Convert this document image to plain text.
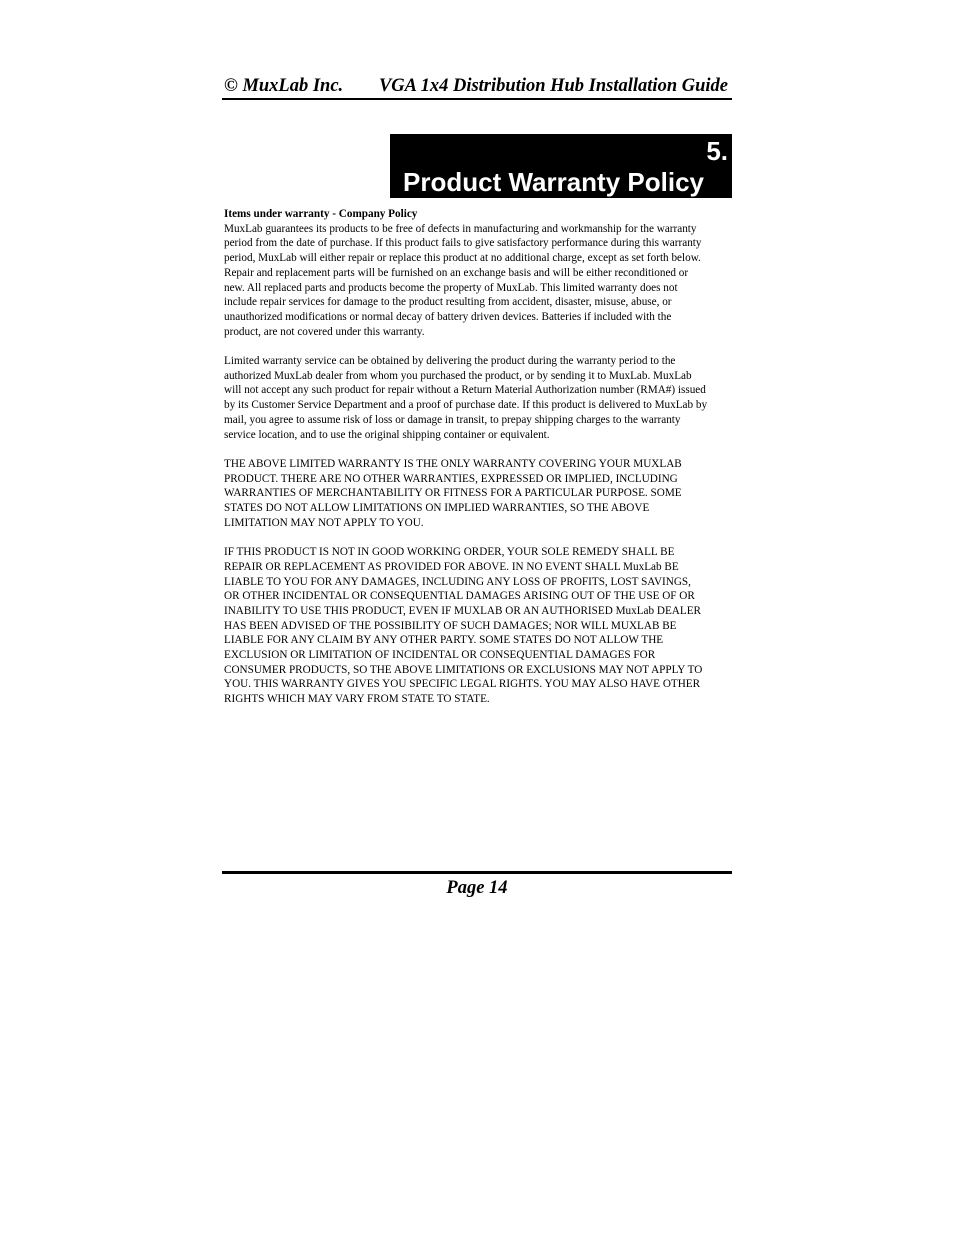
© MuxLab Inc. VGA 1x4 Distribution Hub Installation Guide
5.
Product Warranty Policy

Items under warranty - Company Policy
MuxLab guarantees its products to be free of defects in manufacturing and workmanship for the warranty period from the date of purchase. If this product fails to give satisfactory performance during this warranty period, MuxLab will either repair or replace this product at no additional charge, except as set forth below. Repair and replacement parts will be furnished on an exchange basis and will be either reconditioned or new. All replaced parts and products become the property of MuxLab. This limited warranty does not include repair services for damage to the product resulting from accident, disaster, misuse, abuse, or unauthorized modifications or normal decay of battery driven devices. Batteries if included with the product, are not covered under this warranty.

Limited warranty service can be obtained by delivering the product during the warranty period to the authorized MuxLab dealer from whom you purchased the product, or by sending it to MuxLab. MuxLab will not accept any such product for repair without a Return Material Authorization number (RMA#) issued by its Customer Service Department and a proof of purchase date. If this product is delivered to MuxLab by mail, you agree to assume risk of loss or damage in transit, to prepay shipping charges to the warranty service location, and to use the original shipping container or equivalent.

THE ABOVE LIMITED WARRANTY IS THE ONLY WARRANTY COVERING YOUR MUXLAB PRODUCT. THERE ARE NO OTHER WARRANTIES, EXPRESSED OR IMPLIED, INCLUDING WARRANTIES OF MERCHANTABILITY OR FITNESS FOR A PARTICULAR PURPOSE. SOME STATES DO NOT ALLOW LIMITATIONS ON IMPLIED WARRANTIES, SO THE ABOVE LIMITATION MAY NOT APPLY TO YOU.

IF THIS PRODUCT IS NOT IN GOOD WORKING ORDER, YOUR SOLE REMEDY SHALL BE REPAIR OR REPLACEMENT AS PROVIDED FOR ABOVE. IN NO EVENT SHALL MuxLab BE LIABLE TO YOU FOR ANY DAMAGES, INCLUDING ANY LOSS OF PROFITS, LOST SAVINGS, OR OTHER INCIDENTAL OR CONSEQUENTIAL DAMAGES ARISING OUT OF THE USE OF OR INABILITY TO USE THIS PRODUCT, EVEN IF MUXLAB OR AN AUTHORISED MuxLab DEALER HAS BEEN ADVISED OF THE POSSIBILITY OF SUCH DAMAGES; NOR WILL MUXLAB BE LIABLE FOR ANY CLAIM BY ANY OTHER PARTY. SOME STATES DO NOT ALLOW THE EXCLUSION OR LIMITATION OF INCIDENTAL OR CONSEQUENTIAL DAMAGES FOR CONSUMER PRODUCTS, SO THE ABOVE LIMITATIONS OR EXCLUSIONS MAY NOT APPLY TO YOU. THIS WARRANTY GIVES YOU SPECIFIC LEGAL RIGHTS. YOU MAY ALSO HAVE OTHER RIGHTS WHICH MAY VARY FROM STATE TO STATE.

Page 14
